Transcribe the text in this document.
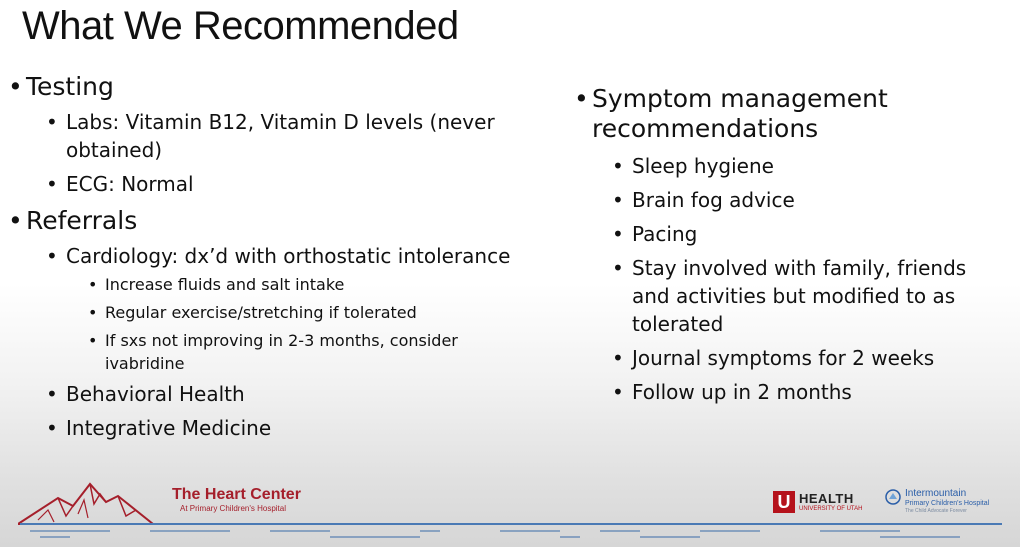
What We Recommended
• Testing
• Labs: Vitamin B12, Vitamin D levels (never obtained)
• ECG: Normal
• Referrals
• Cardiology: dx’d with orthostatic intolerance
• Increase fluids and salt intake
• Regular exercise/stretching if tolerated
• If sxs not improving in 2-3 months, consider ivabridine
• Behavioral Health
• Integrative Medicine
• Symptom management recommendations
• Sleep hygiene
• Brain fog advice
• Pacing
• Stay involved with family, friends and activities but modified to as tolerated
• Journal symptoms for 2 weeks
• Follow up in 2 months
The Heart Center
At Primary Children's Hospital	U HEALTH
UNIVERSITY OF UTAH
Intermountain
Primary Children's Hospital
The Child Advocate Forever
